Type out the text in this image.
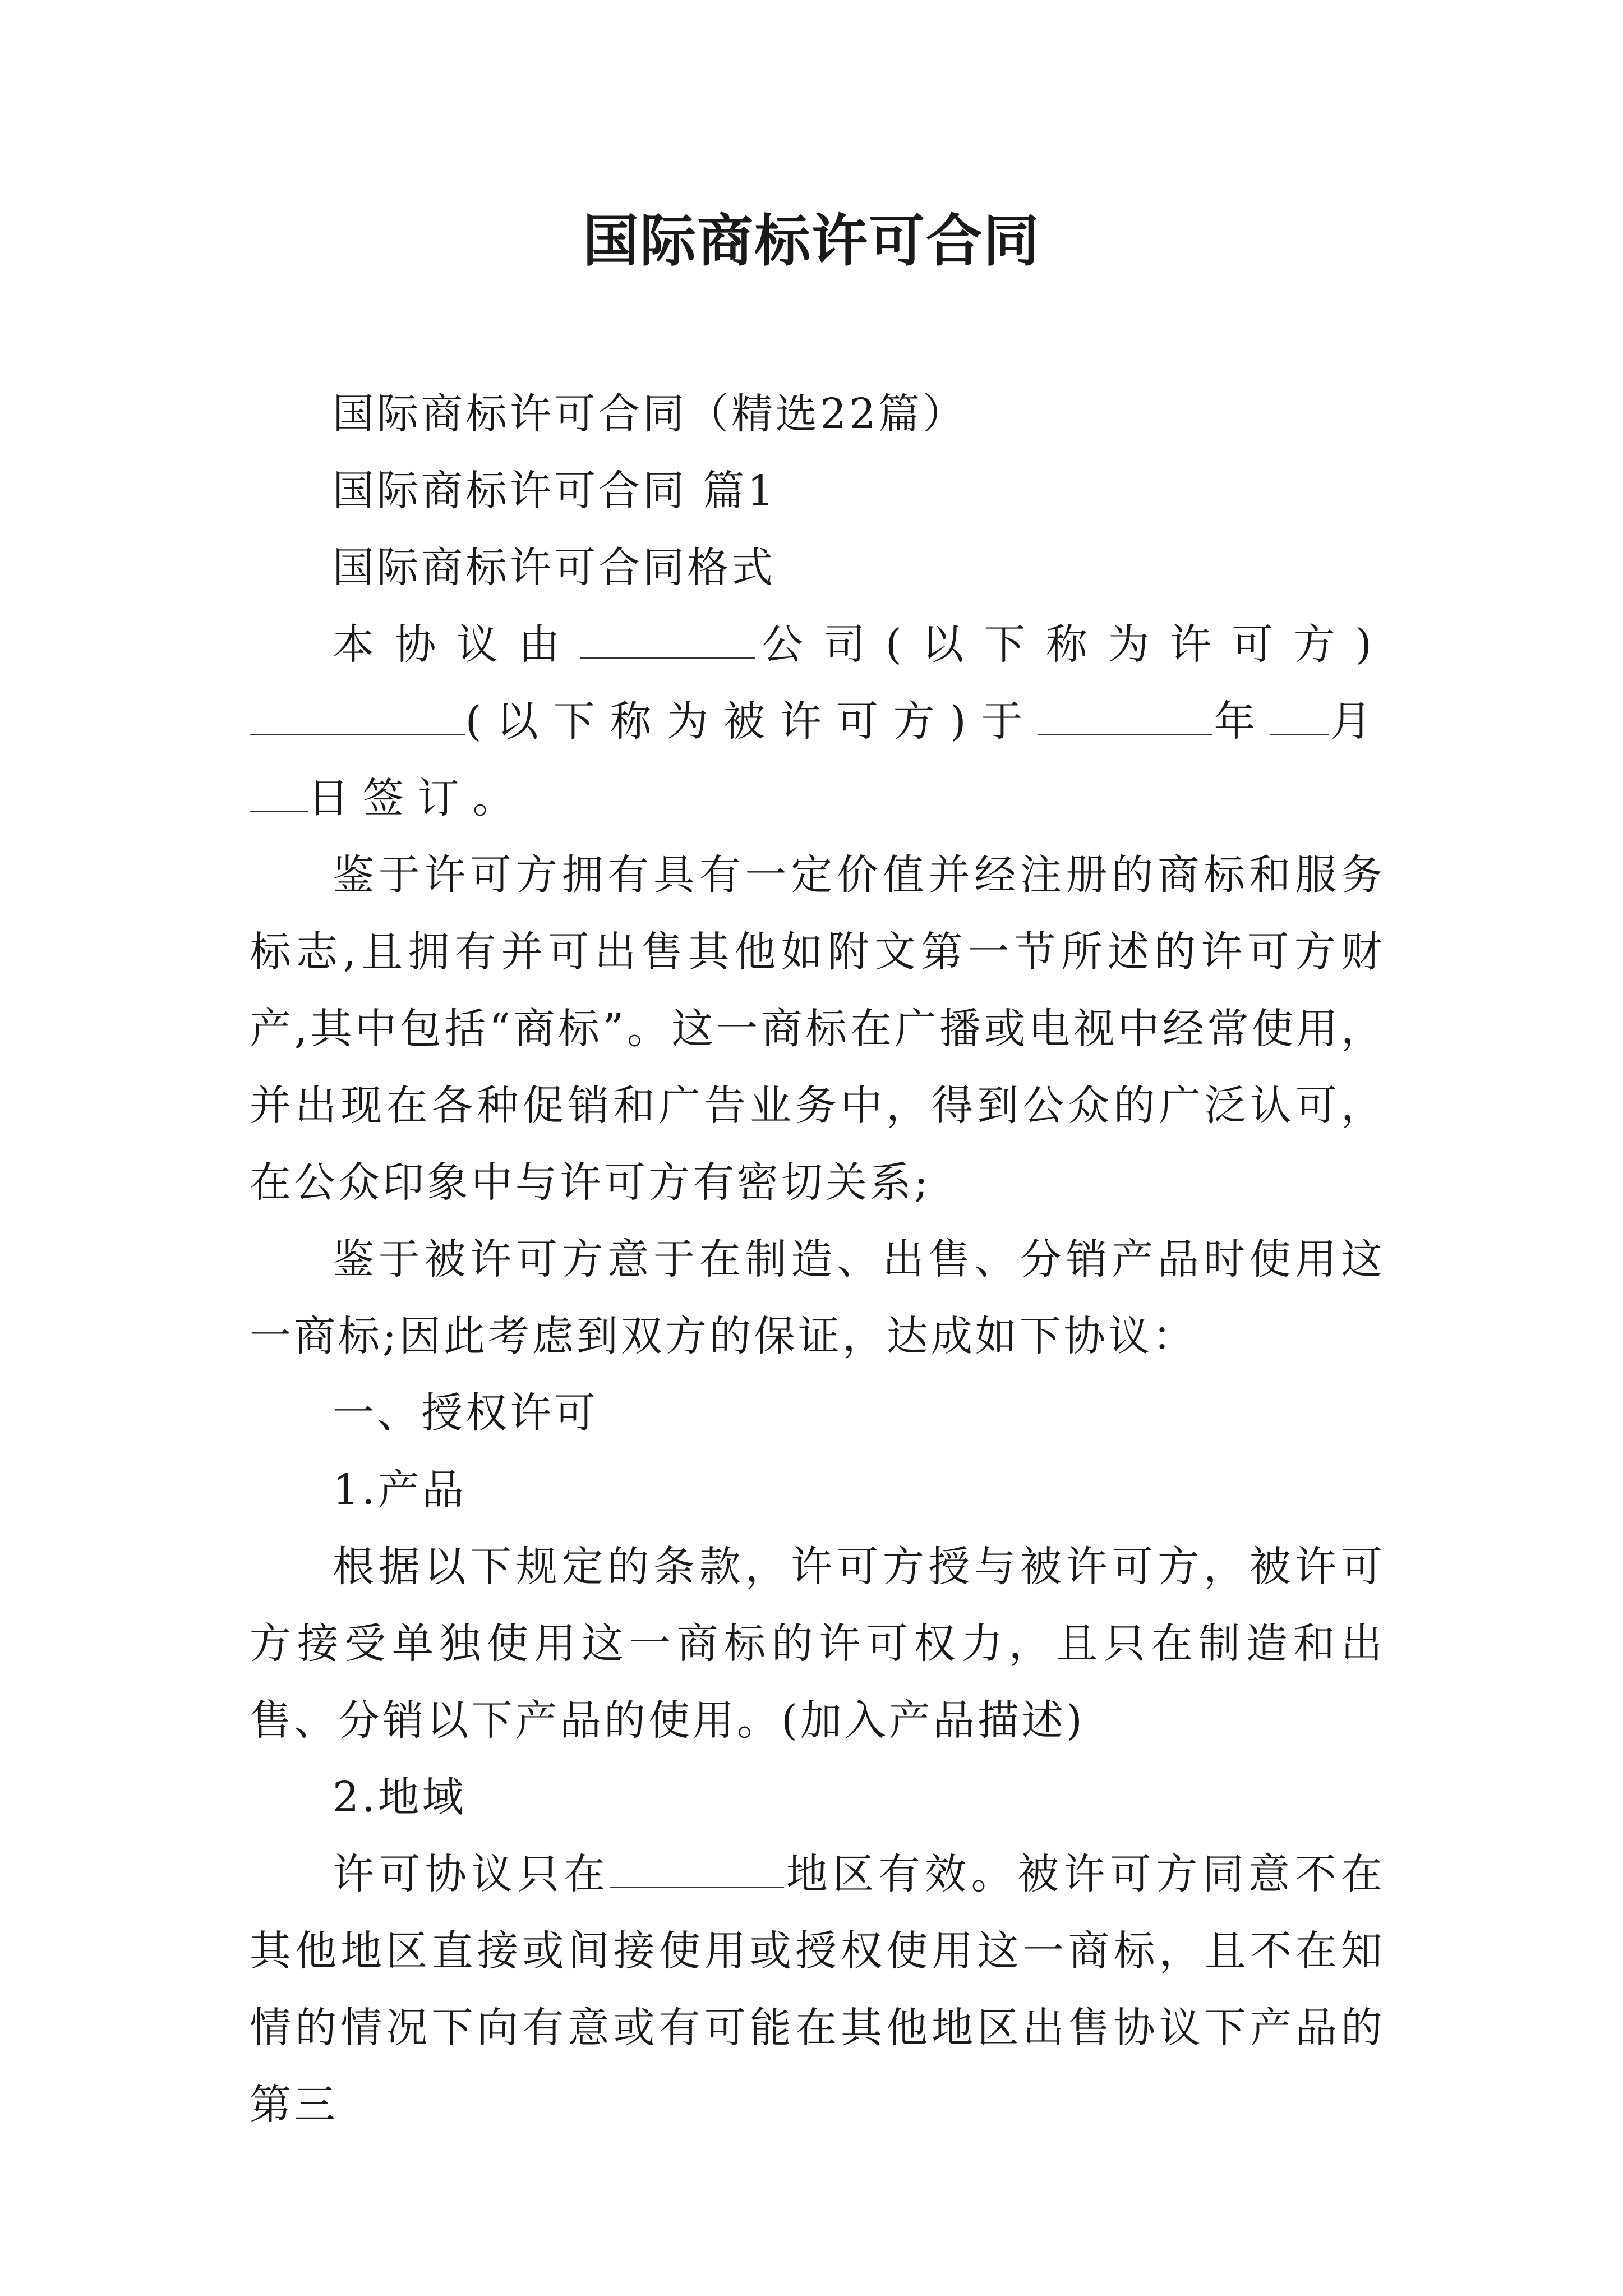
国际商标许可合同

国际商标许可合同（精选22篇）

国际商标许可合同 篇1

国际商标许可合同格式

本协议由	公司(以下称为许可方)(以下称为被许可方)于	年 月日签订。

鉴于许可方拥有具有一定价值并经注册的商标和服务标志,且拥有并可出售其他如附文第一节所述的许可方财产,其中包括“商标”。这一商标在广播或电视中经常使用，并出现在各种促销和广告业务中，得到公众的广泛认可，在公众印象中与许可方有密切关系;

鉴于被许可方意于在制造、出售、分销产品时使用这一商标;因此考虑到双方的保证，达成如下协议：

一、授权许可

1.产品

根据以下规定的条款，许可方授与被许可方，被许可方接受单独使用这一商标的许可权力，且只在制造和出售、分销以下产品的使用。(加入产品描述)

2.地域

许可协议只在	地区有效。被许可方同意不在其他地区直接或间接使用或授权使用这一商标，且不在知情的情况下向有意或有可能在其他地区出售协议下产品的第三
